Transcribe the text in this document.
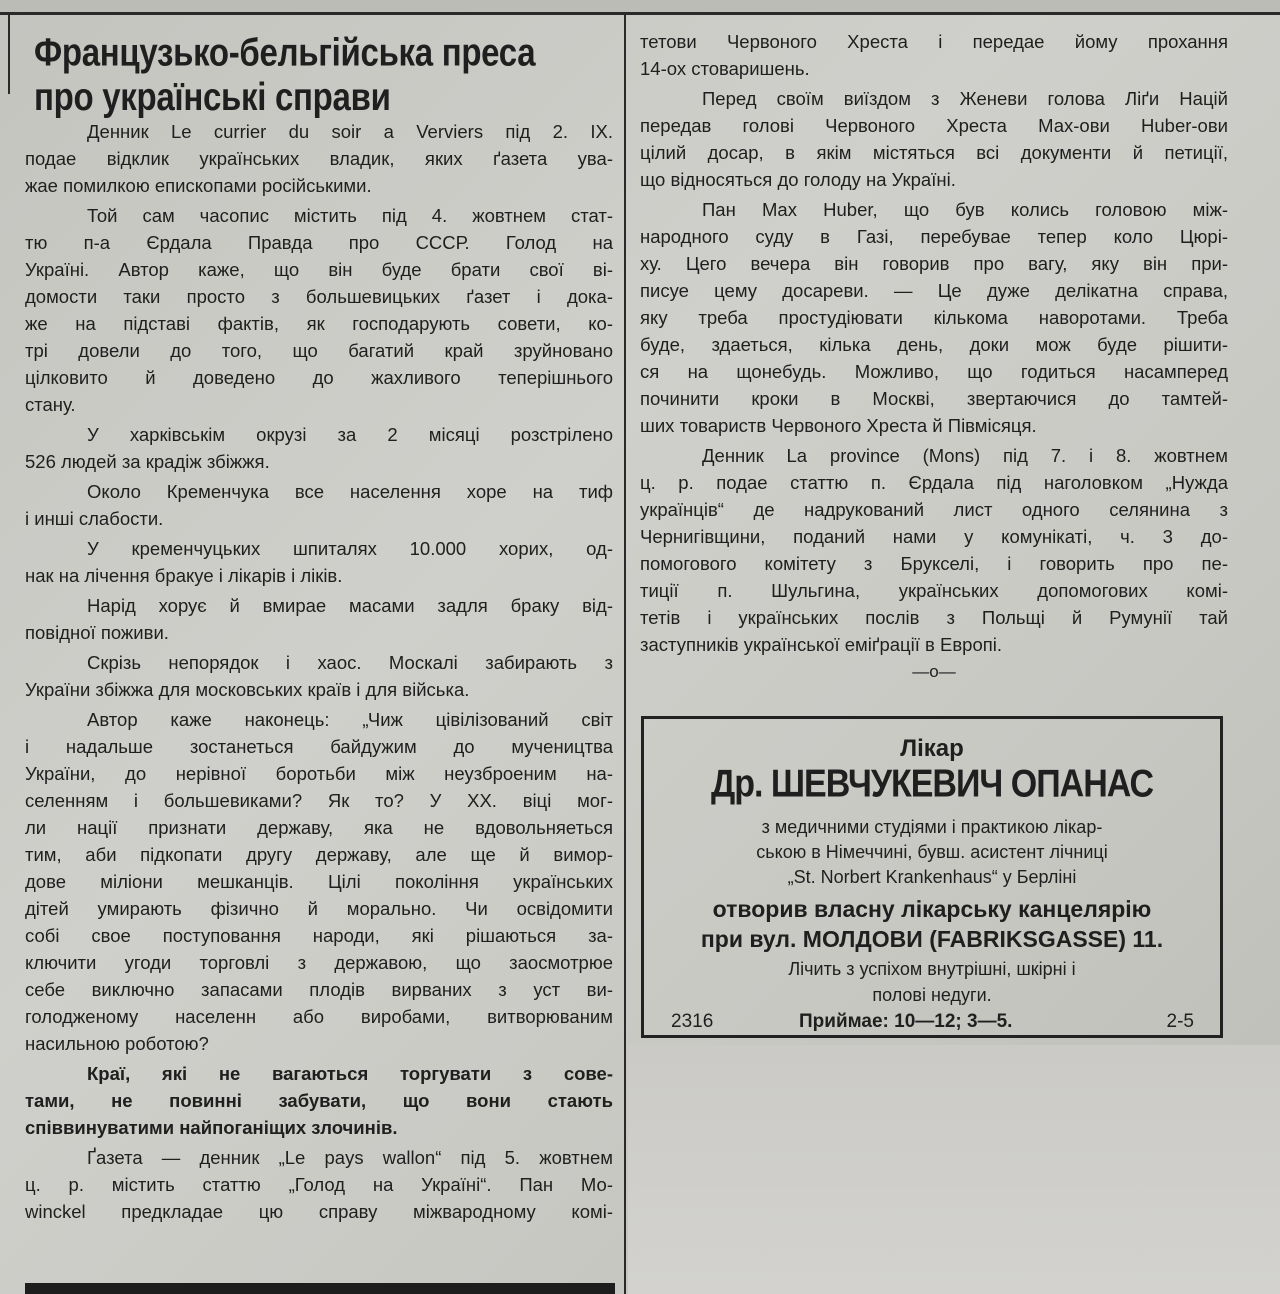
Французько-бельгійська преса
про українські справи
Денник Le currier du soir a Verviers під 2. IX.
подае відклик українських владик, яких ґазета ува-
жае помилкою епископами російськими.
Той сам часопис містить під 4. жовтнем стат-
тю п-а Єрдала Правда про СССР. Голод на
Україні. Автор каже, що він буде брати свої ві-
домости таки просто з большевицьких ґазет і дока-
же на підставі фактів, як господарують совети, ко-
трі довели до того, що багатий край зруйновано
цілковито й доведено до жахливого теперішнього
стану.
У харківськім окрузі за 2 місяці розстрілено
526 людей за крадіж збіжжя.
Около Кременчука все населення хоре на тиф
і инші слабости.
У кременчуцьких шпиталях 10.000 хорих, од-
нак на лічення бракуе і лікарів і ліків.
Нарід хорує й вмирае масами задля браку від-
повідної поживи.
Скрізь непорядок і хаос. Москалі забирають з
України збіжжа для московських країв і для війська.
Автор каже наконець: „Чиж цівілізований світ
і надальше зостанеться байдужим до мучеництва
України, до нерівної боротьби між неузброеним на-
селенням і большевиками? Як то? У XX. віці мог-
ли нації признати державу, яка не вдовольняеться
тим, аби підкопати другу державу, але ще й вимор-
дове міліони мешканців. Цілі покоління українських
дітей умирають фізично й морально. Чи освідомити
собі свое поступовання народи, які рішаються за-
ключити угоди торговлі з державою, що заосмотрюе
себе виключно запасами плодів вирваних з уст ви-
голодженому населенн або виробами, витворюваним
насильною роботою?
Краї, які не вагаються торгувати з сове-
тами, не повинні забувати, що вони стають
співвинуватими найпоганіщих злочинів.
Ґазета — денник „Le pays wallon“ під 5. жовтнем
ц. р. містить статтю „Голод на Україні“. Пан Мо-
winckel предкладае цю справу міжвародному комі-
тетови Червоного Хреста і передае йому прохання
14-ох стоваришень.
Перед своїм виїздом з Женеви голова Ліґи Націй
передав голові Червоного Хреста Мах-ови Huber-ови
цілий досар, в якім містяться всі документи й петиції,
що відносяться до голоду на Україні.
Пан Max Huber, що був колись головою між-
народного суду в Газі, перебувае тепер коло Цюрі-
ху. Цего вечера він говорив про вагу, яку він при-
писуе цему досареви. — Це дуже делікатна справа,
яку треба простудіювати кількома наворотами. Треба
буде, здаеться, кілька день, доки мож буде рішити-
ся на щонебудь. Можливо, що годиться насамперед
починити кроки в Москві, звертаючися до тамтей-
ших товариств Червоного Хреста й Півмісяця.
Денник La province (Mons) під 7. і 8. жовтнем
ц. р. подае статтю п. Єрдала під наголовком „Нужда
українців“ де надрукований лист одного селянина з
Чернигівщини, поданий нами у комунікаті, ч. 3 до-
помогового комітету з Брукселі, і говорить про пе-
тиції п. Шульгина, українських допомогових комі-
тетів і українських послів з Польщі й Румунії тай
заступників української еміґрації в Европі.
—o—
Лікар
Др. ШЕВЧУКЕВИЧ ОПАНАС
з медичними студіями і практикою лікар-
ською в Німеччині, бувш. асистент лічниці
„St. Norbert Krankenhaus“ у Берліні
отворив власну лікарську канцелярію
при вул. МОЛДОВИ (FABRIKSGASSE) 11.
Лічить з успіхом внутрішні, шкірні і
полові недуги.
2316	Приймае: 10—12; 3—5.	2-5
